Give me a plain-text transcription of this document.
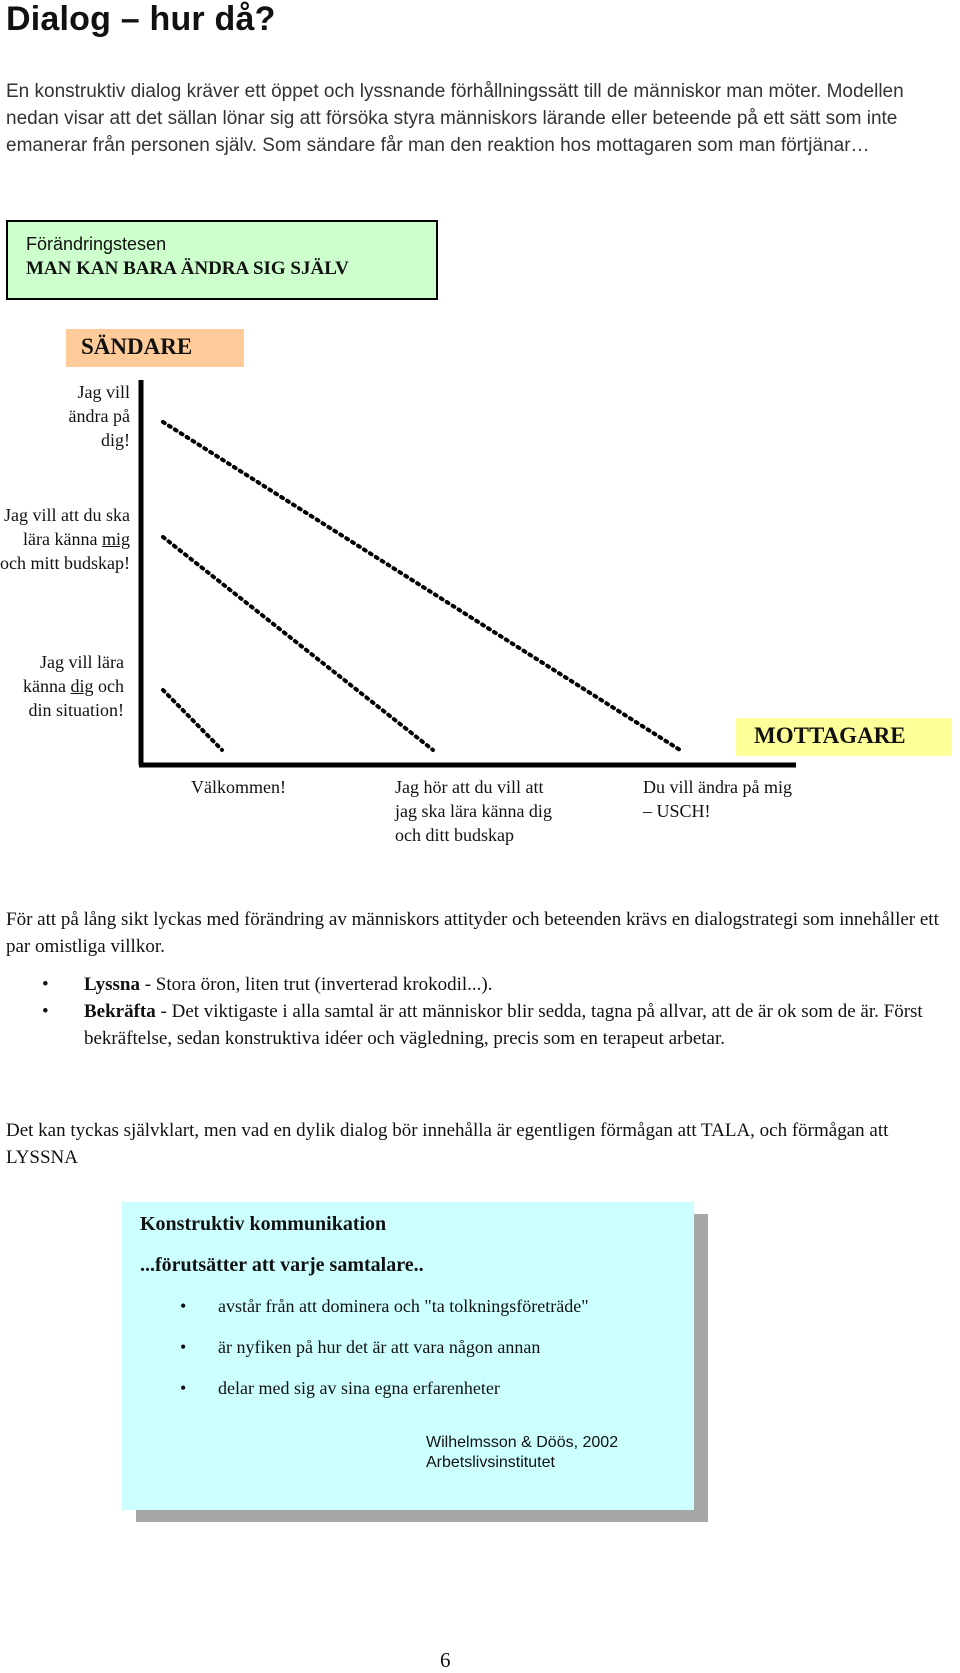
Dialog – hur då?
En konstruktiv dialog kräver ett öppet och lyssnande förhållningssätt till de människor man möter. Modellen nedan visar att det sällan lönar sig att försöka styra människors lärande eller beteende på ett sätt som inte emanerar från personen själv. Som sändare får man den reaktion hos mottagaren som man förtjänar…
Förändringstesen
MAN KAN BARA ÄNDRA SIG SJÄLV
SÄNDARE
Jag vill ändra på dig!
Jag vill att du ska lära känna mig och mitt budskap!
Jag vill lära känna dig och din situation!
MOTTAGARE
Välkommen!	Jag hör att du vill att jag ska lära känna dig och ditt budskap
Du vill ändra på mig – USCH!
För att på lång sikt lyckas med förändring av människors attityder och beteenden krävs en dialogstrategi som innehåller ett par omistliga villkor.
• Lyssna - Stora öron, liten trut (inverterad krokodil...).
• Bekräfta - Det viktigaste i alla samtal är att människor blir sedda, tagna på allvar, att de är ok som de är. Först bekräftelse, sedan konstruktiva idéer och vägledning, precis som en terapeut arbetar.
Det kan tyckas självklart, men vad en dylik dialog bör innehålla är egentligen förmågan att TALA, och förmågan att LYSSNA
Konstruktiv kommunikation
...förutsätter att varje samtalare..
• avstår från att dominera och "ta tolkningsföreträde"
• är nyfiken på hur det är att vara någon annan
• delar med sig av sina egna erfarenheter
Wilhelmsson & Döös, 2002
Arbetslivsinstitutet
6
